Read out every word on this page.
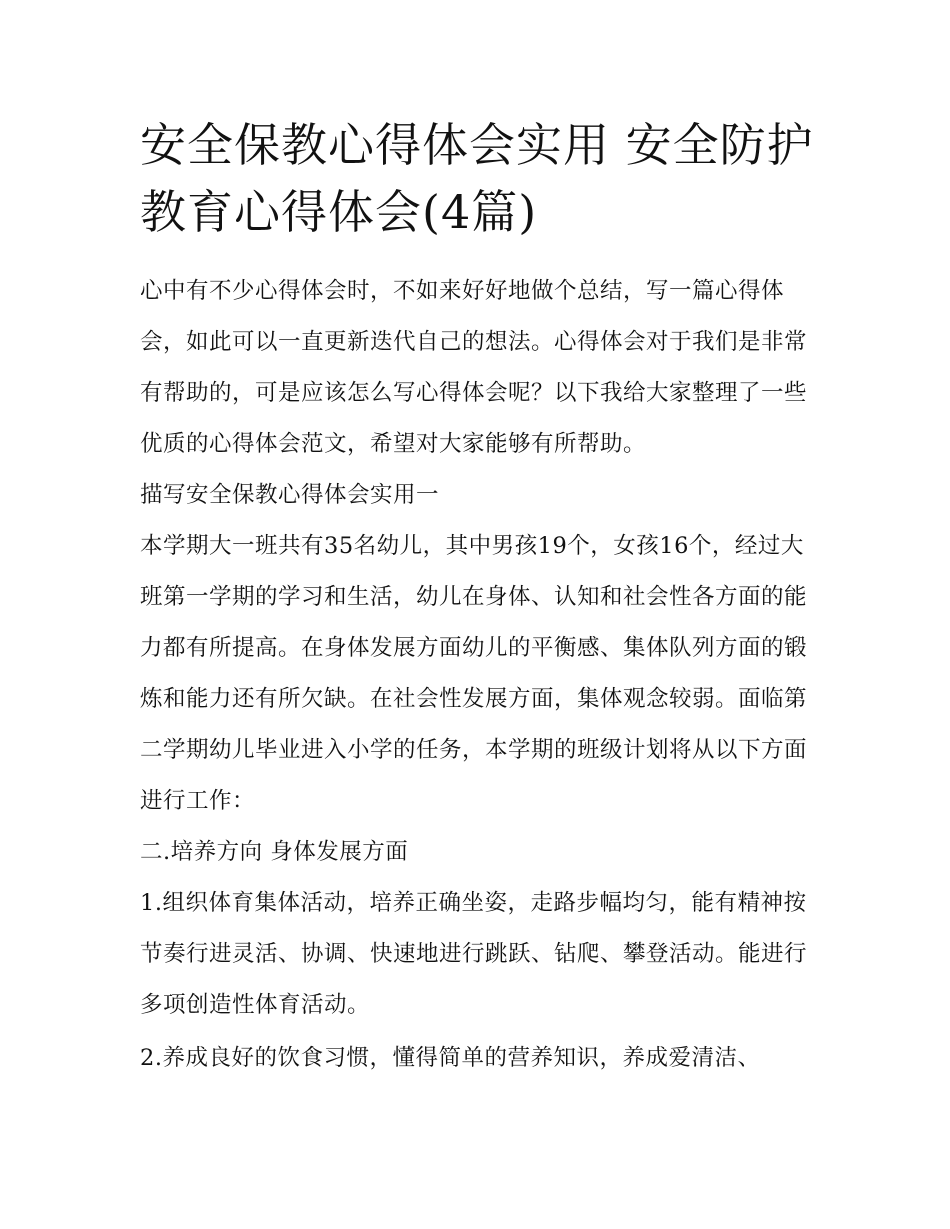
安全保教心得体会实用 安全防护教育心得体会(4篇)

心中有不少心得体会时，不如来好好地做个总结，写一篇心得体会，如此可以一直更新迭代自己的想法。心得体会对于我们是非常有帮助的，可是应该怎么写心得体会呢？以下我给大家整理了一些优质的心得体会范文，希望对大家能够有所帮助。

描写安全保教心得体会实用一

本学期大一班共有35名幼儿，其中男孩19个，女孩16个，经过大班第一学期的学习和生活，幼儿在身体、认知和社会性各方面的能力都有所提高。在身体发展方面幼儿的平衡感、集体队列方面的锻炼和能力还有所欠缺。在社会性发展方面，集体观念较弱。面临第二学期幼儿毕业进入小学的任务，本学期的班级计划将从以下方面进行工作：

二.培养方向 身体发展方面

1.组织体育集体活动，培养正确坐姿，走路步幅均匀，能有精神按节奏行进灵活、协调、快速地进行跳跃、钻爬、攀登活动。能进行多项创造性体育活动。

2.养成良好的饮食习惯，懂得简单的营养知识，养成爱清洁、
